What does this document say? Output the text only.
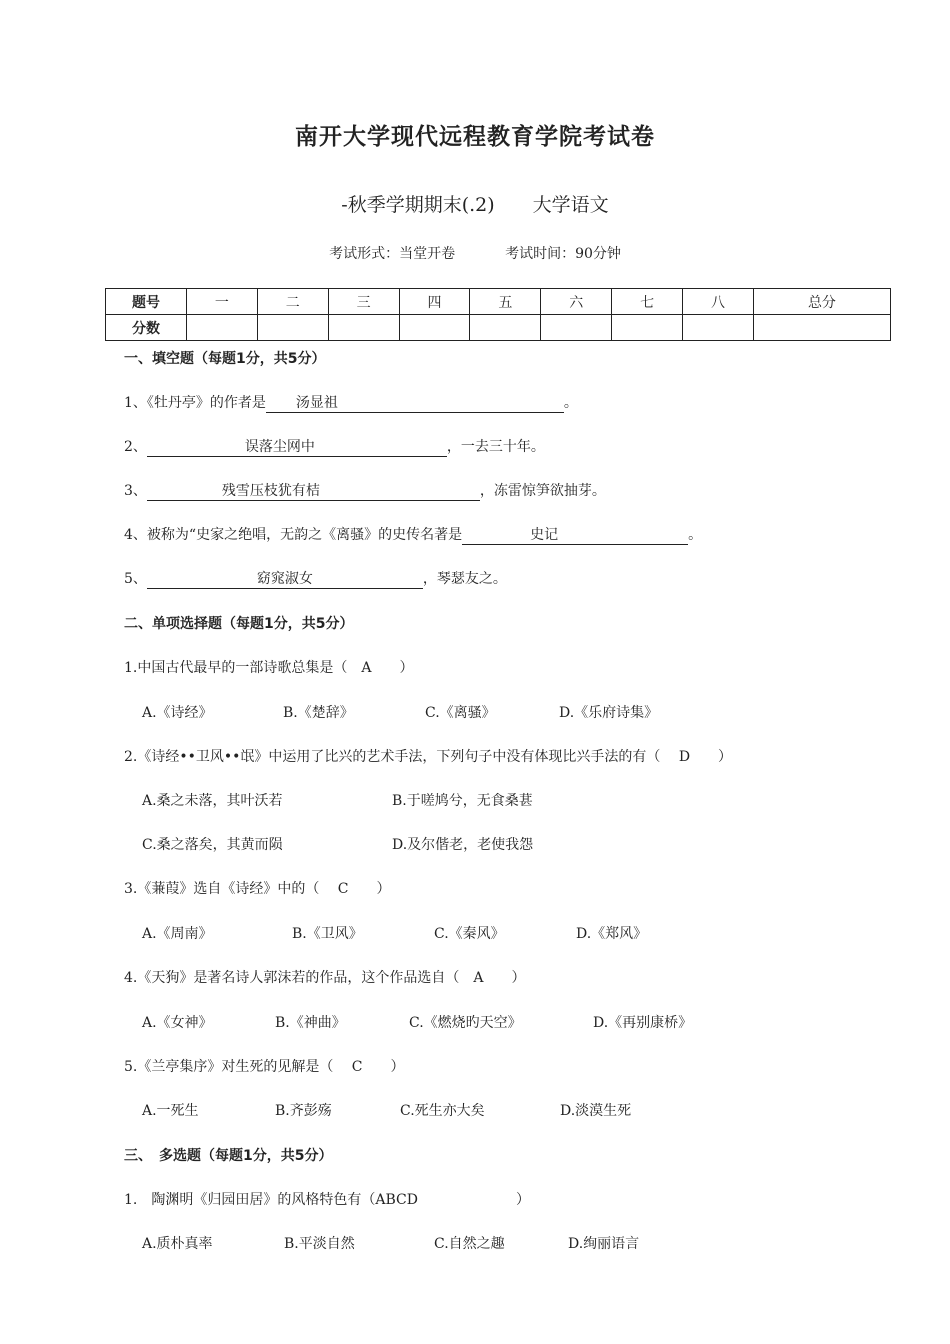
南开大学现代远程教育学院考试卷
-秋季学期期末(.2) 大学语文
考试形式：当堂开卷	考试时间：90分钟
题号	一	二	三	四	五	六	七	八	总分
分数									
一、填空题（每题1分，共5分）
1、《牡丹亭》的作者是 汤显祖	。
2、	误落尘网中	，一去三十年。
3、	残雪压枝犹有桔	，冻雷惊笋欲抽芽。
4、被称为“史家之绝唱，无韵之《离骚》的史传名著是	史记	。
5、	窈窕淑女	，琴瑟友之。
二、单项选择题（每题1分，共5分）
1.中国古代最早的一部诗歌总集是（　A　　）
A.《诗经》	B.《楚辞》	C.《离骚》	D.《乐府诗集》
2.《诗经••卫风••氓》中运用了比兴的艺术手法，下列句子中没有体现比兴手法的有（　 D　　）
A.桑之未落，其叶沃若	B.于嗟鸠兮，无食桑葚
C.桑之落矣，其黄而陨	D.及尔偕老，老使我怨
3.《蒹葭》选自《诗经》中的（　 C　　）
A.《周南》	B.《卫风》	C.《秦风》	D.《郑风》
4.《天狗》是著名诗人郭沫若的作品，这个作品选自（　A　　）
A.《女神》	B.《神曲》	C.《燃烧旳天空》	D.《再别康桥》
5.《兰亭集序》对生死的见解是（　 C　　）
A.一死生	B.齐彭殇	C.死生亦大矣	D.淡漠生死
三、　多选题（每题1分，共5分）
1.　陶渊明《归园田居》的风格特色有（ABCD　　　　　　　）
A.质朴真率	B.平淡自然	C.自然之趣	D.绚丽语言
